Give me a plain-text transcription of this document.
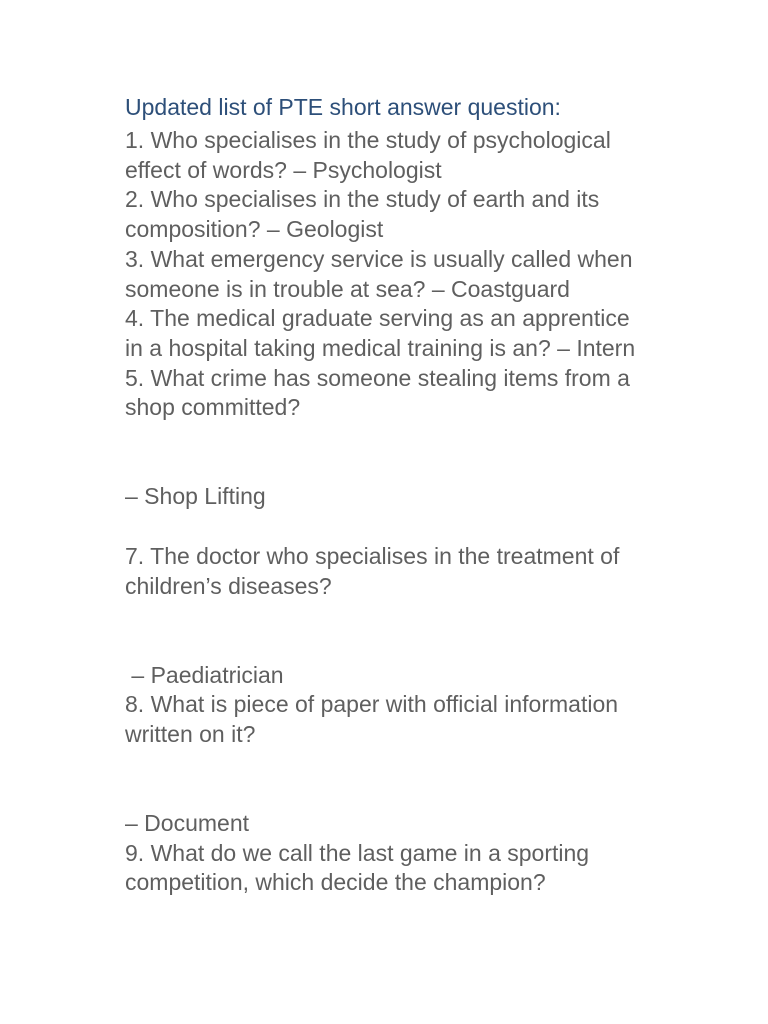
Updated list of PTE short answer question:
1. Who specialises in the study of psychological
effect of words? – Psychologist
2. Who specialises in the study of earth and its
composition? – Geologist
3. What emergency service is usually called when
someone is in trouble at sea? – Coastguard
4. The medical graduate serving as an apprentice
in a hospital taking medical training is an? – Intern
5. What crime has someone stealing items from a
shop committed?
– Shop Lifting
7. The doctor who specialises in the treatment of
children’s diseases?
– Paediatrician
8. What is piece of paper with official information
written on it?
– Document
9. What do we call the last game in a sporting
competition, which decide the champion?
